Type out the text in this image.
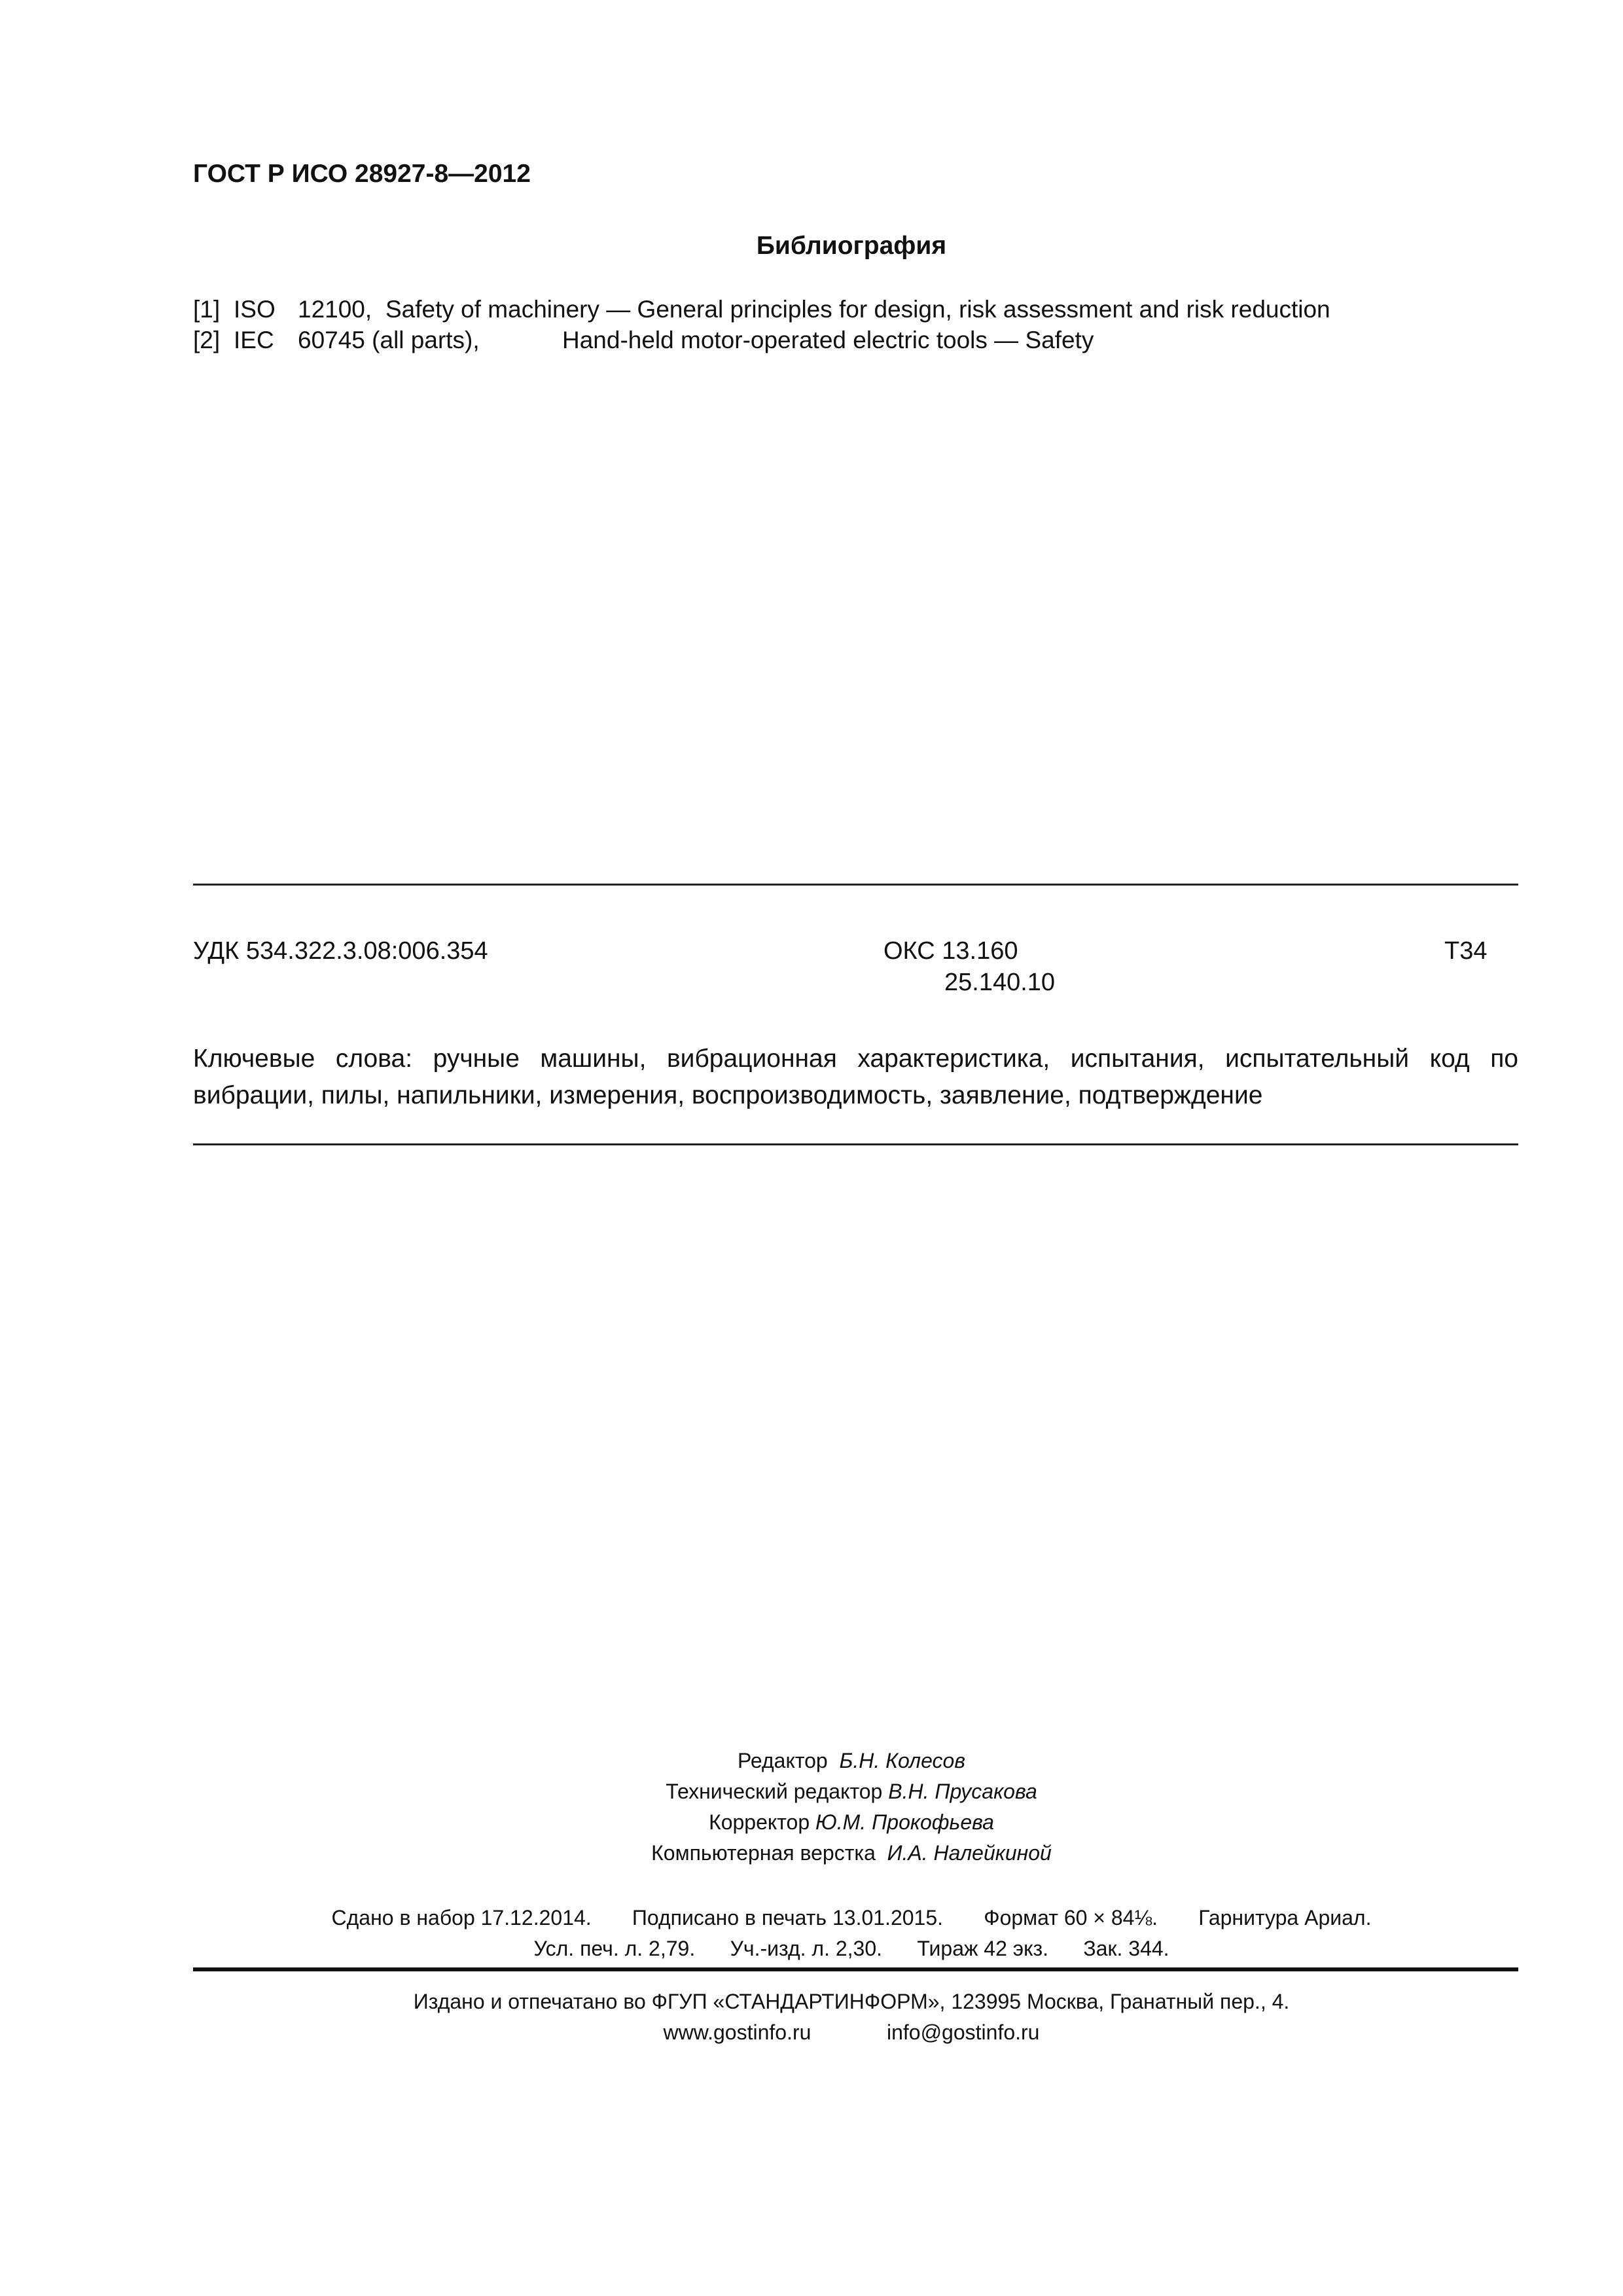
ГОСТ Р ИСО 28927-8—2012
Библиография
[1] ISO 12100, Safety of machinery — General principles for design, risk assessment and risk reduction
[2] IEC 60745 (all parts),	Hand-held motor-operated electric tools — Safety
УДК 534.322.3.08:006.354	ОКС 13.160
25.140.10
Т34
Ключевые слова: ручные машины, вибрационная характеристика, испытания, испытательный код по вибрации, пилы, напильники, измерения, воспроизводимость, заявление, подтверждение
Редактор Б.Н. Колесов
Технический редактор В.Н. Прусакова
Корректор Ю.М. Прокофьева
Компьютерная верстка И.А. Налейкиной
Сдано в набор 17.12.2014. Подписано в печать 13.01.2015. Формат 60 × 84⅛. Гарнитура Ариал.
Усл. печ. л. 2,79. Уч.-изд. л. 2,30. Тираж 42 экз. Зак. 344.
Издано и отпечатано во ФГУП «СТАНДАРТИНФОРМ», 123995 Москва, Гранатный пер., 4.
www.gostinfo.ru	info@gostinfo.ru
